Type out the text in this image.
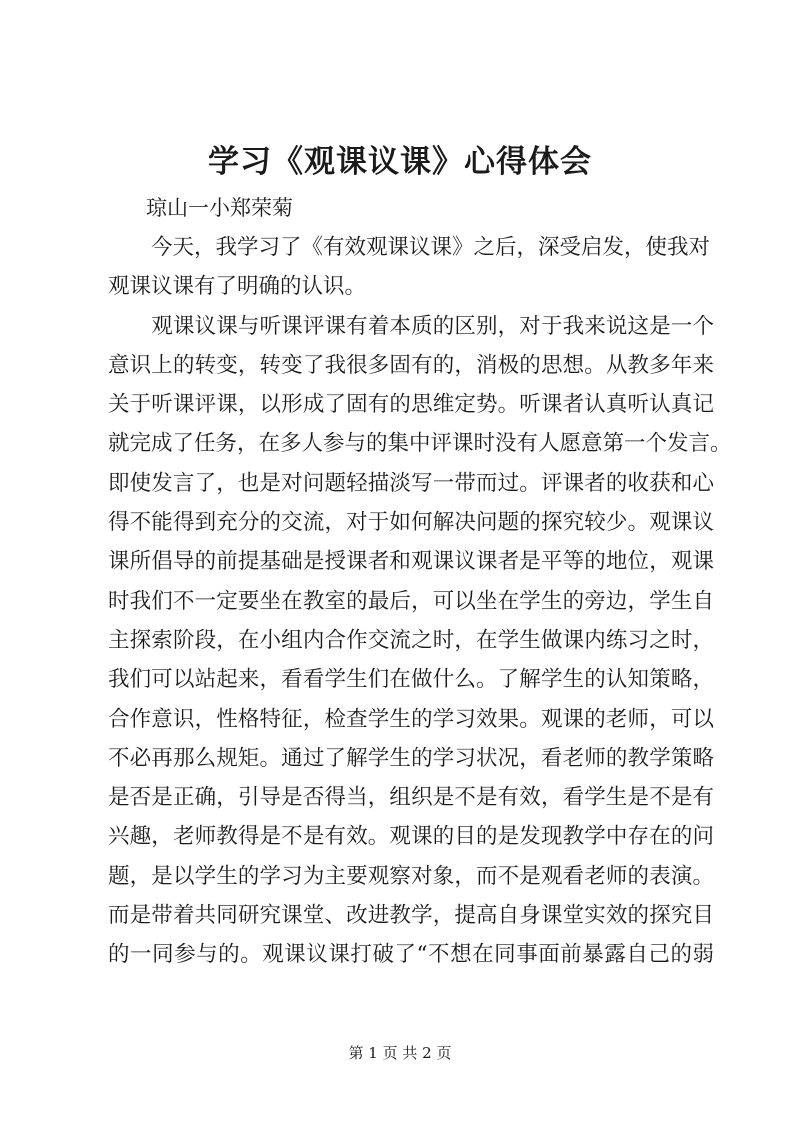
学习《观课议课》心得体会
琼山一小郑荣菊
　　今天，我学习了《有效观课议课》之后，深受启发，使我对
观课议课有了明确的认识。
　　观课议课与听课评课有着本质的区别，对于我来说这是一个
意识上的转变，转变了我很多固有的，消极的思想。从教多年来
关于听课评课，以形成了固有的思维定势。听课者认真听认真记
就完成了任务，在多人参与的集中评课时没有人愿意第一个发言。
即使发言了，也是对问题轻描淡写一带而过。评课者的收获和心
得不能得到充分的交流，对于如何解决问题的探究较少。观课议
课所倡导的前提基础是授课者和观课议课者是平等的地位，观课
时我们不一定要坐在教室的最后，可以坐在学生的旁边，学生自
主探索阶段，在小组内合作交流之时，在学生做课内练习之时，
我们可以站起来，看看学生们在做什么。了解学生的认知策略，
合作意识，性格特征，检查学生的学习效果。观课的老师，可以
不必再那么规矩。通过了解学生的学习状况，看老师的教学策略
是否是正确，引导是否得当，组织是不是有效，看学生是不是有
兴趣，老师教得是不是有效。观课的目的是发现教学中存在的问
题，是以学生的学习为主要观察对象，而不是观看老师的表演。
而是带着共同研究课堂、改进教学，提高自身课堂实效的探究目
的一同参与的。观课议课打破了“不想在同事面前暴露自己的弱
第 1 页 共 2 页
